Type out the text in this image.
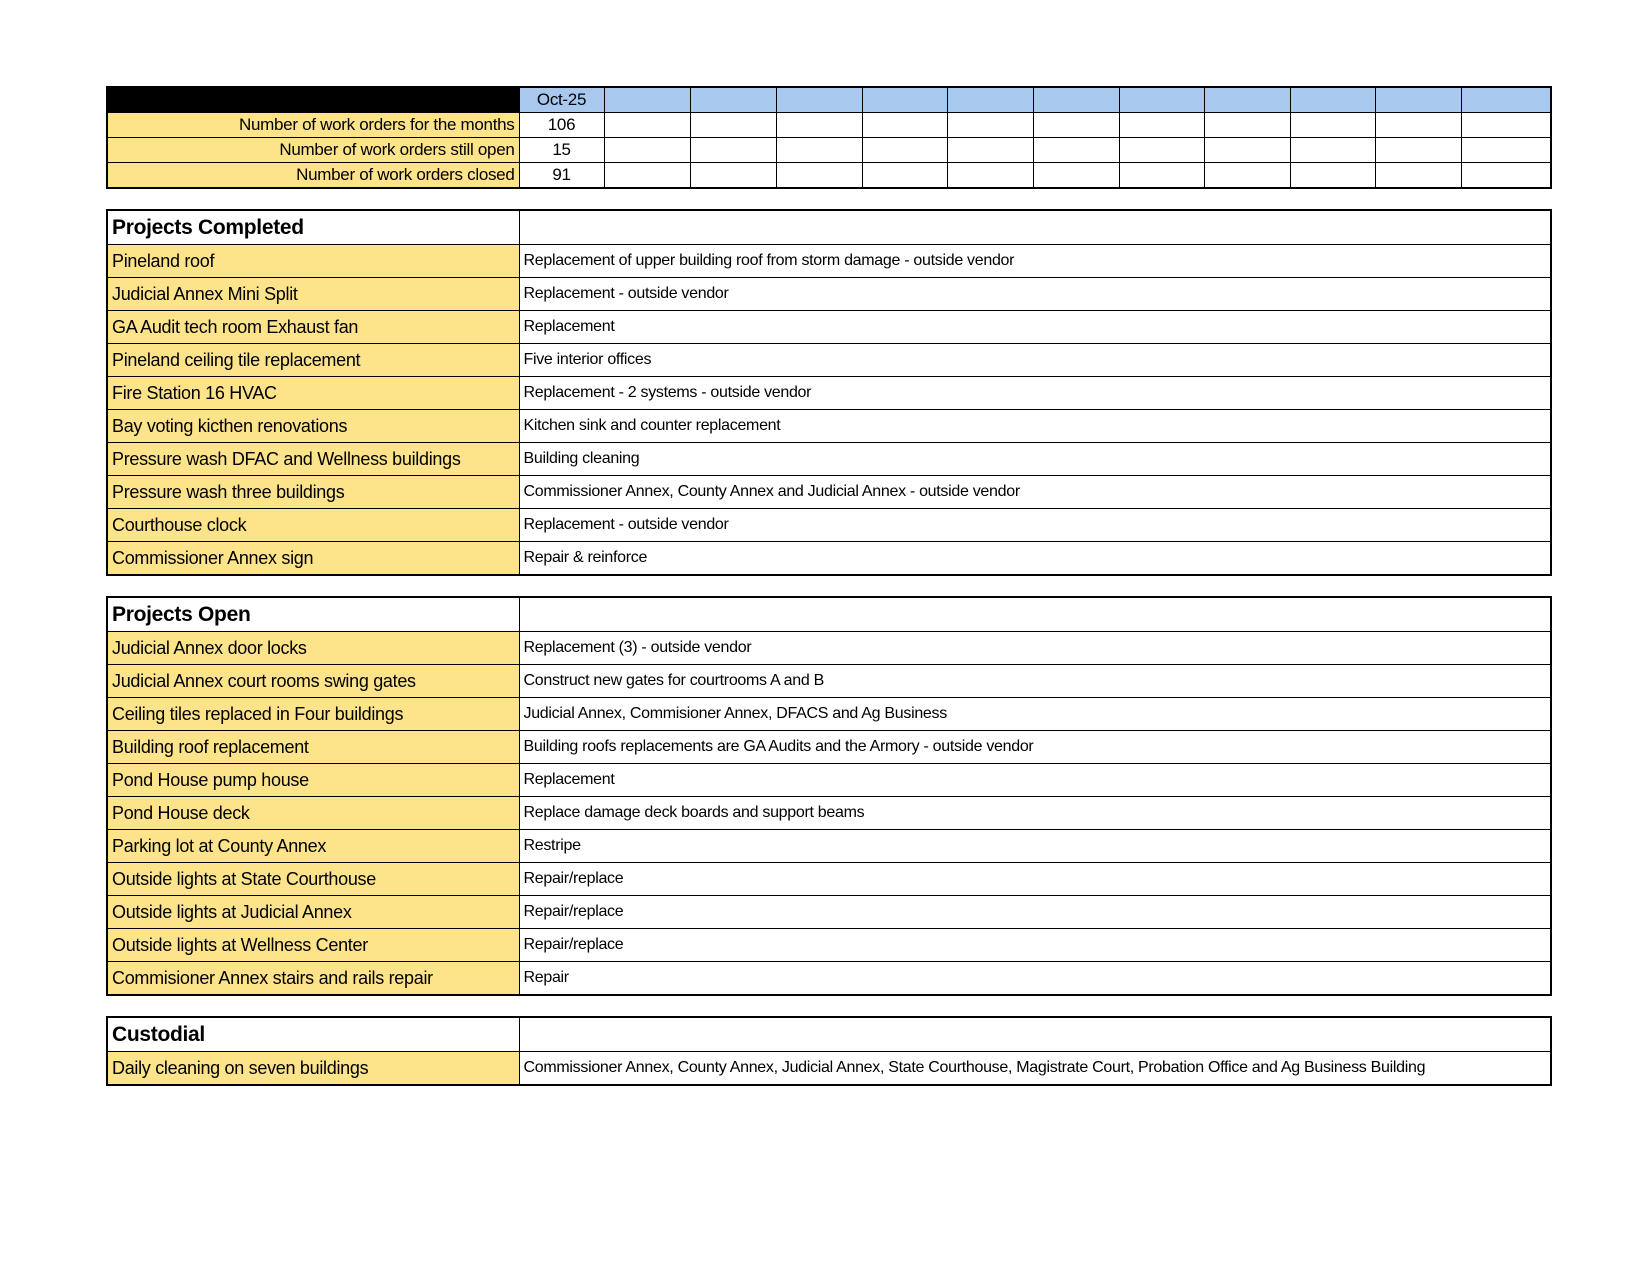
	Oct-25											
Number of work orders for the months	106											
Number of work orders still open	15											
Number of work orders closed	91											
Projects Completed	
Pineland roof	Replacement of upper building roof from storm damage - outside vendor
Judicial Annex Mini Split	Replacement - outside vendor
GA Audit tech room Exhaust fan	Replacement
Pineland ceiling tile replacement	Five interior offices
Fire Station 16 HVAC	Replacement - 2 systems - outside vendor
Bay voting kicthen renovations	Kitchen sink and counter replacement
Pressure wash DFAC and Wellness buildings	Building cleaning
Pressure wash three buildings	Commissioner Annex, County Annex and Judicial Annex - outside vendor
Courthouse clock	Replacement - outside vendor
Commissioner Annex sign	Repair & reinforce
Projects Open	
Judicial Annex door locks	Replacement (3) - outside vendor
Judicial Annex court rooms swing gates	Construct new gates for courtrooms A and B
Ceiling tiles replaced in Four buildings	Judicial Annex, Commisioner Annex, DFACS and Ag Business
Building roof replacement	Building roofs replacements are GA Audits and the Armory - outside vendor
Pond House pump house	Replacement
Pond House deck	Replace damage deck boards and support beams
Parking lot at County Annex	Restripe
Outside lights at State Courthouse	Repair/replace
Outside lights at Judicial Annex	Repair/replace
Outside lights at Wellness Center	Repair/replace
Commisioner Annex stairs and rails repair	Repair
Custodial	
Daily cleaning on seven buildings	Commissioner Annex, County Annex, Judicial Annex, State Courthouse, Magistrate Court, Probation Office and Ag Business Building
